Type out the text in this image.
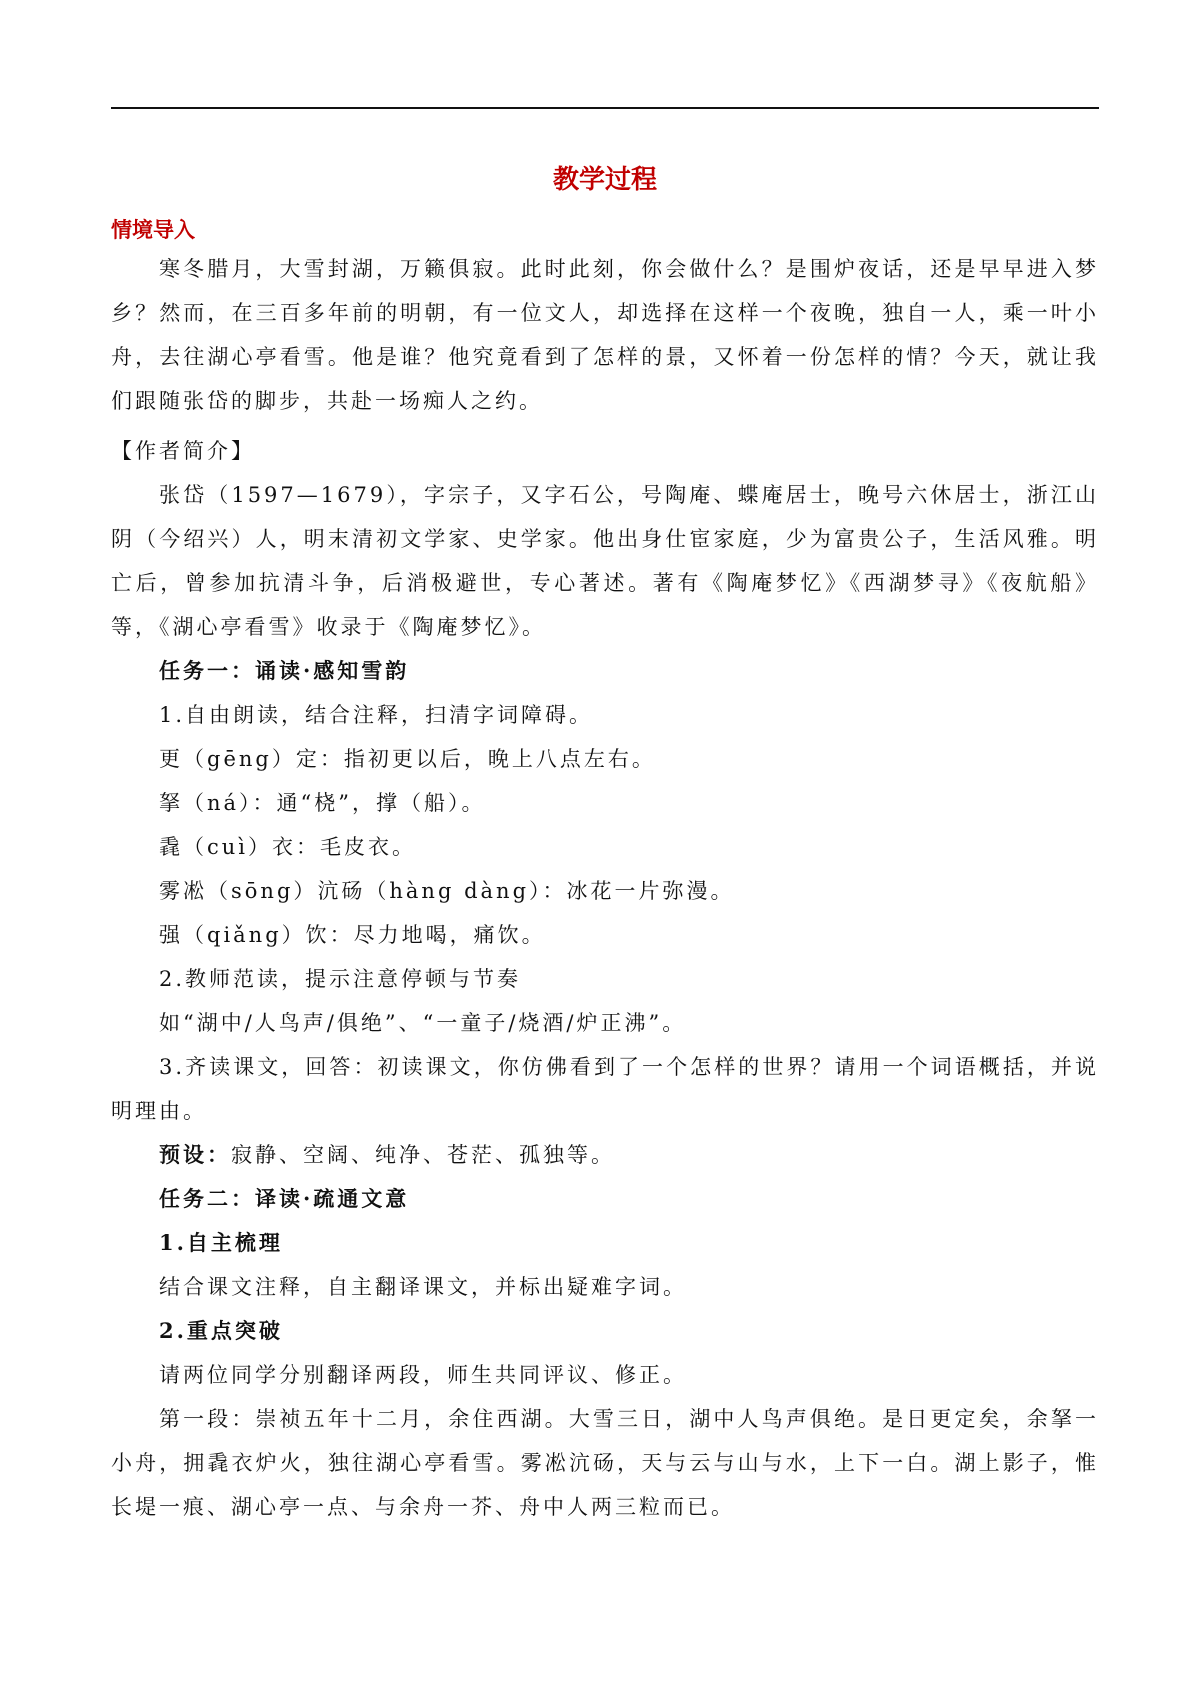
教学过程
情境导入

寒冬腊月，大雪封湖，万籁俱寂。此时此刻，你会做什么？是围炉夜话，还是早早进入梦乡？然而，在三百多年前的明朝，有一位文人，却选择在这样一个夜晚，独自一人，乘一叶小舟，去往湖心亭看雪。他是谁？他究竟看到了怎样的景，又怀着一份怎样的情？今天，就让我们跟随张岱的脚步，共赴一场痴人之约。

【作者简介】

张岱（1597—1679），字宗子，又字石公，号陶庵、蝶庵居士，晚号六休居士，浙江山阴（今绍兴）人，明末清初文学家、史学家。他出身仕宦家庭，少为富贵公子，生活风雅。明亡后，曾参加抗清斗争，后消极避世，专心著述。著有《陶庵梦忆》《西湖梦寻》《夜航船》等，《湖心亭看雪》收录于《陶庵梦忆》。

任务一：诵读·感知雪韵

1.自由朗读，结合注释，扫清字词障碍。

更（gēng）定：指初更以后，晚上八点左右。

拏（ná）：通“桡”，撑（船）。

毳（cuì）衣：毛皮衣。

雾凇（sōng）沆砀（hàng dàng）：冰花一片弥漫。

强（qiǎng）饮：尽力地喝，痛饮。

2.教师范读，提示注意停顿与节奏

如“湖中/人鸟声/俱绝”、“一童子/烧酒/炉正沸”。

3.齐读课文，回答：初读课文，你仿佛看到了一个怎样的世界？请用一个词语概括，并说明理由。

预设：寂静、空阔、纯净、苍茫、孤独等。

任务二：译读·疏通文意

1.自主梳理

结合课文注释，自主翻译课文，并标出疑难字词。

2.重点突破

请两位同学分别翻译两段，师生共同评议、修正。

第一段：崇祯五年十二月，余住西湖。大雪三日，湖中人鸟声俱绝。是日更定矣，余拏一小舟，拥毳衣炉火，独往湖心亭看雪。雾凇沆砀，天与云与山与水，上下一白。湖上影子，惟长堤一痕、湖心亭一点、与余舟一芥、舟中人两三粒而已。
